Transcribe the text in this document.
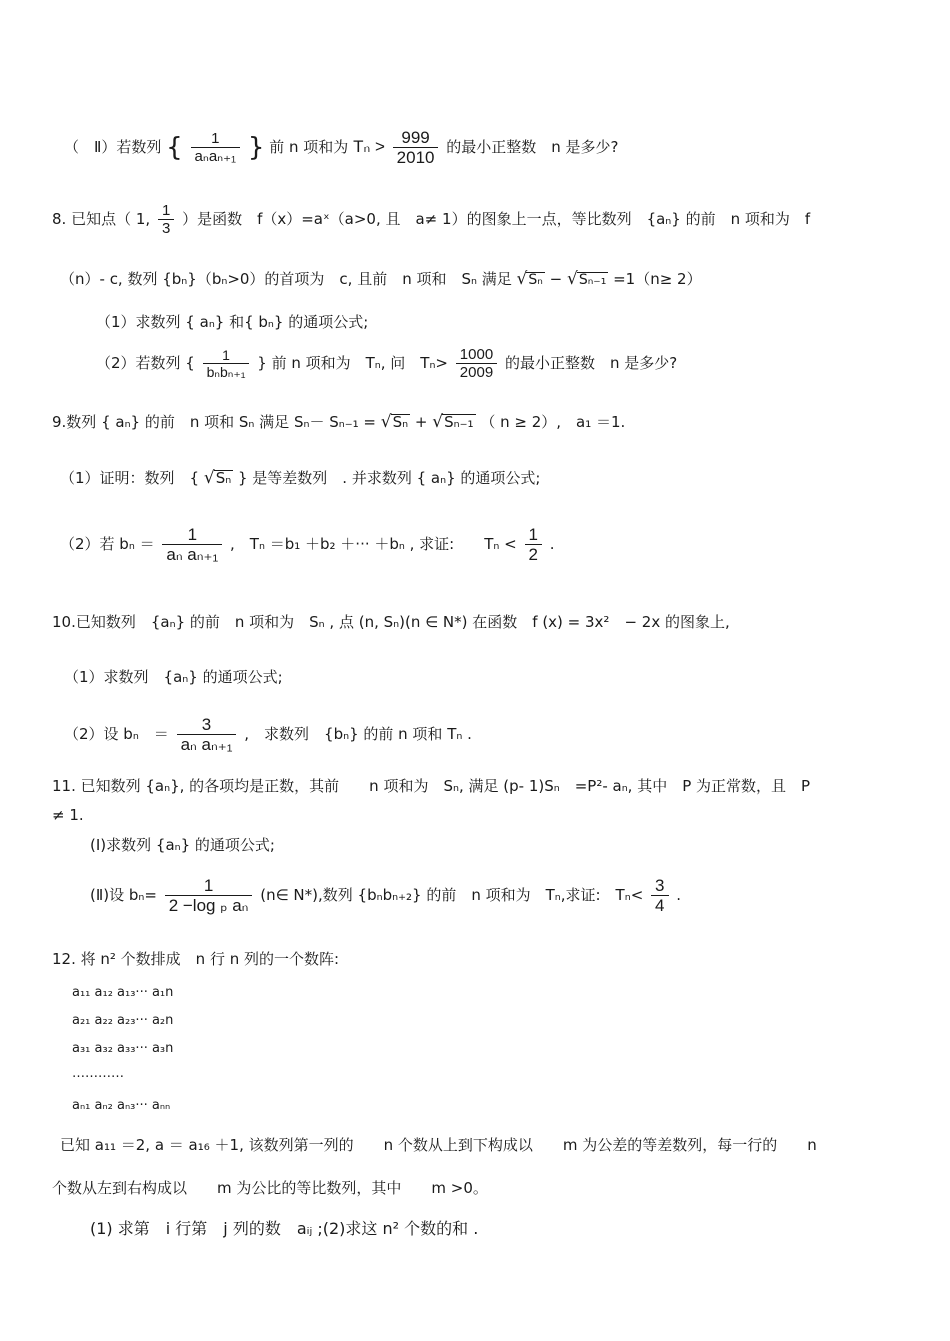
（　Ⅱ）若数列 { $\frac{1}{\text{aₙaₙ₊₁}}$ } 前 n 项和为 $T_n > \frac{999}{2010}$ 的最小正整数　n 是多少?
8. 已知点（ 1, $\frac{1}{3}$ ）是函数　f（x）=aˣ（a>0, 且　a≠ 1）的图象上一点，等比数列　{aₙ} 的前　n 项和为　f
（n）- c, 数列 {bₙ}（bₙ>0）的首项为　c, 且前　n 项和　Sₙ 满足 √Sₙ − √Sₙ₋₁ =1（n≥ 2）
（1）求数列 { aₙ} 和{ bₙ} 的通项公式;
（2）若数列 { $\frac{1}{\text{bₙbₙ₊₁}}$ } 前 n 项和为　Tₙ, 问　$T_n> \frac{1000}{2009}$ 的最小正整数　n 是多少?
9.数列 { aₙ} 的前　n 项和 Sₙ 满足 Sₙ－ Sₙ₋₁ = √Sₙ + √Sₙ₋₁ （ n ≥ 2）,　a₁ ＝1.
（1）证明：数列　{ √Sₙ } 是等差数列　. 并求数列 { aₙ} 的通项公式;
（2）若 $b_n = \frac{1}{\text{aₙ aₙ₊₁}}$ ,　Tₙ ＝b₁ ＋b₂ ＋··· ＋bₙ , 求证:　　$T_n < \frac{1}{2}$ .
10.已知数列　{aₙ} 的前　n 项和为　Sₙ , 点 (n, Sₙ)(n ∈ N*) 在函数　f (x) = 3x²　− 2x 的图象上,
（1）求数列　{aₙ} 的通项公式;
（2）设 bₙ　＝ $\frac{3}{\text{aₙ aₙ₊₁}}$ ,　求数列　{bₙ} 的前 n 项和 Tₙ .
11. 已知数列 {aₙ}, 的各项均是正数，其前　　n 项和为　Sₙ, 满足 (p- 1)Sₙ　=P²- aₙ, 其中　P 为正常数，且　P
≠ 1.
(Ⅰ)求数列 {aₙ} 的通项公式;
(Ⅱ)设 $b_n= \frac{1}{\text{2 −log ₚ aₙ}}$ (n∈ N*),数列 {bₙbₙ₊₂} 的前　n 项和为　Tₙ,求证:　$T_n< \frac{3}{4}$ .
12. 将 n² 个数排成　n 行 n 列的一个数阵:
a₁₁ a₁₂ a₁₃··· a₁n
a₂₁ a₂₂ a₂₃··· a₂n
a₃₁ a₃₂ a₃₃··· a₃n
…………
aₙ₁ aₙ₂ aₙ₃··· aₙₙ
已知 a₁₁ ＝2, a ＝ a₁₆ ＋1, 该数列第一列的　　n 个数从上到下构成以　　m 为公差的等差数列，每一行的　　n
个数从左到右构成以　　m 为公比的等比数列，其中　　m >0。
(1) 求第　i 行第　j 列的数　aᵢⱼ ;(2)求这 n² 个数的和 .
